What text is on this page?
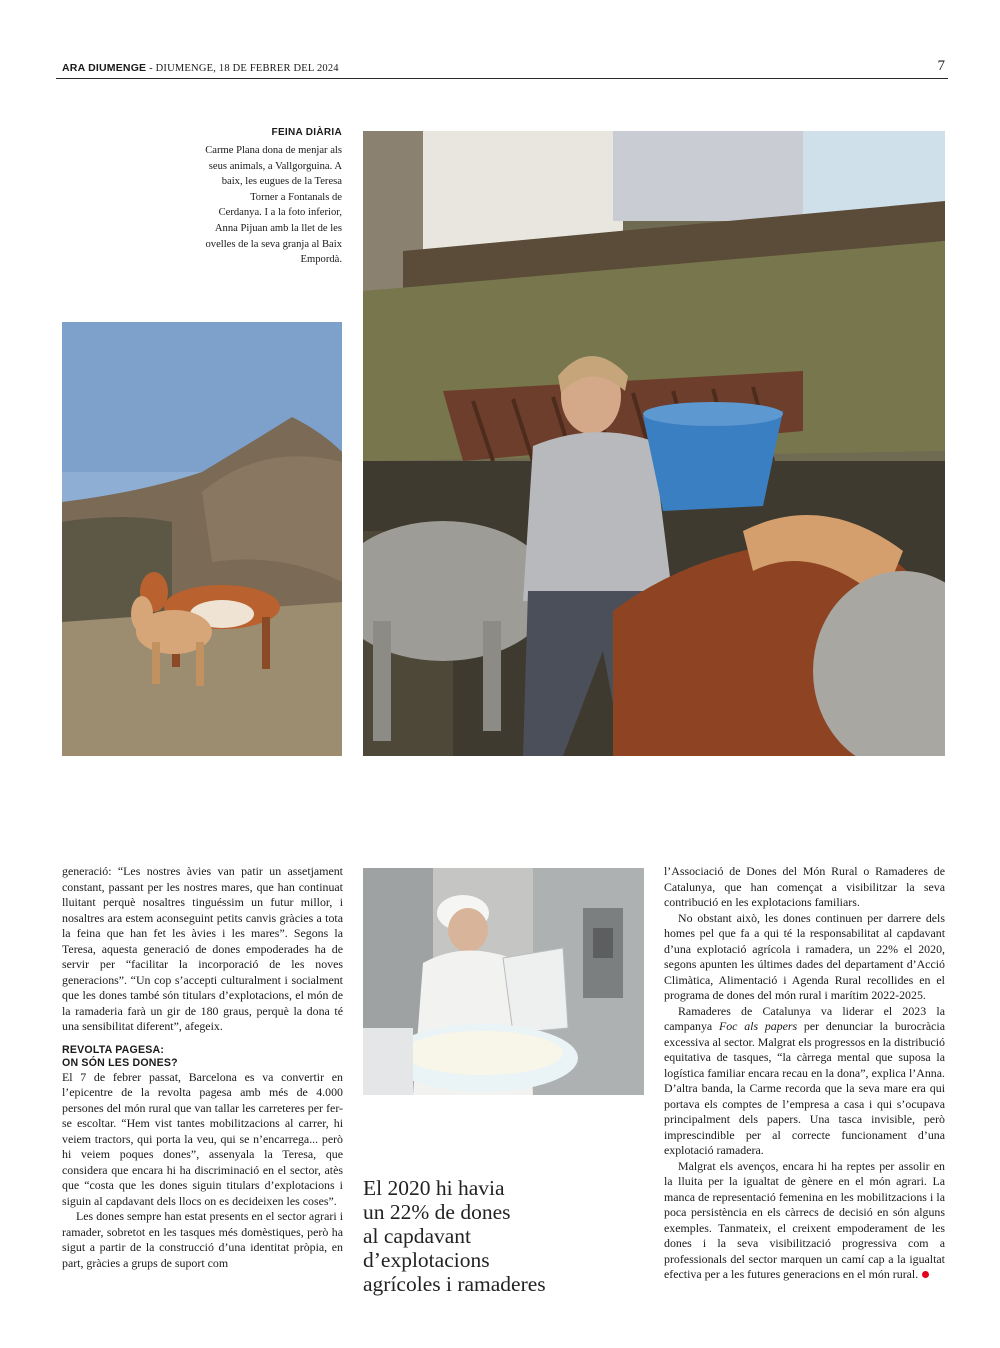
ARA DIUMENGE - DIUMENGE, 18 DE FEBRER DEL 2024	7
FEINA DIÀRIA
Carme Plana dona de menjar als
seus animals, a Vallgorguina. A
baix, les eugues de la Teresa
Torner a Fontanals de
Cerdanya. I a la foto inferior,
Anna Pijuan amb la llet de les
ovelles de la seva granja al Baix
Empordà.

generació: “Les nostres àvies van patir un assetjament constant, passant per les nostres mares, que han continuat lluitant perquè nosaltres tinguéssim un futur millor, i nosaltres ara estem aconseguint petits canvis gràcies a tota la feina que han fet les àvies i les mares”. Segons la Teresa, aquesta generació de dones empoderades ha de servir per “facilitar la incorporació de les noves generacions”. “Un cop s’accepti culturalment i socialment que les dones també són titulars d’explotacions, el món de la ramaderia farà un gir de 180 graus, perquè la dona té una sensibilitat diferent”, afegeix.

REVOLTA PAGESA:
ON SÓN LES DONES?

El 7 de febrer passat, Barcelona es va convertir en l’epicentre de la revolta pagesa amb més de 4.000 persones del món rural que van tallar les carreteres per fer-se escoltar. “Hem vist tantes mobilitzacions al carrer, hi veiem tractors, qui porta la veu, qui se n’encarrega... però hi veiem poques dones”, assenyala la Teresa, que considera que encara hi ha discriminació en el sector, atès que “costa que les dones siguin titulars d’explotacions i siguin al capdavant dels llocs on es decideixen les coses”.

Les dones sempre han estat presents en el sector agrari i ramader, sobretot en les tasques més domèstiques, però ha sigut a partir de la construcció d’una identitat pròpia, en part, gràcies a grups de suport com

El 2020 hi havia
un 22% de dones
al capdavant
d’explotacions
agrícoles i ramaderes

l’Associació de Dones del Món Rural o Ramaderes de Catalunya, que han començat a visibilitzar la seva contribució en les explotacions familiars.

No obstant això, les dones continuen per darrere dels homes pel que fa a qui té la responsabilitat al capdavant d’una explotació agrícola i ramadera, un 22% el 2020, segons apunten les últimes dades del departament d’Acció Climàtica, Alimentació i Agenda Rural recollides en el programa de dones del món rural i marítim 2022-2025.

Ramaderes de Catalunya va liderar el 2023 la campanya Foc als papers per denunciar la burocràcia excessiva al sector. Malgrat els progressos en la distribució equitativa de tasques, “la càrrega mental que suposa la logística familiar encara recau en la dona”, explica l’Anna. D’altra banda, la Carme recorda que la seva mare era qui portava els comptes de l’empresa a casa i qui s’ocupava principalment dels papers. Una tasca invisible, però imprescindible per al correcte funcionament d’una explotació ramadera.

Malgrat els avenços, encara hi ha reptes per assolir en la lluita per la igualtat de gènere en el món agrari. La manca de representació femenina en les mobilitzacions i la poca persistència en els càrrecs de decisió en són alguns exemples. Tanmateix, el creixent empoderament de les dones i la seva visibilització progressiva com a professionals del sector marquen un camí cap a la igualtat efectiva per a les futures generacions en el món rural.
